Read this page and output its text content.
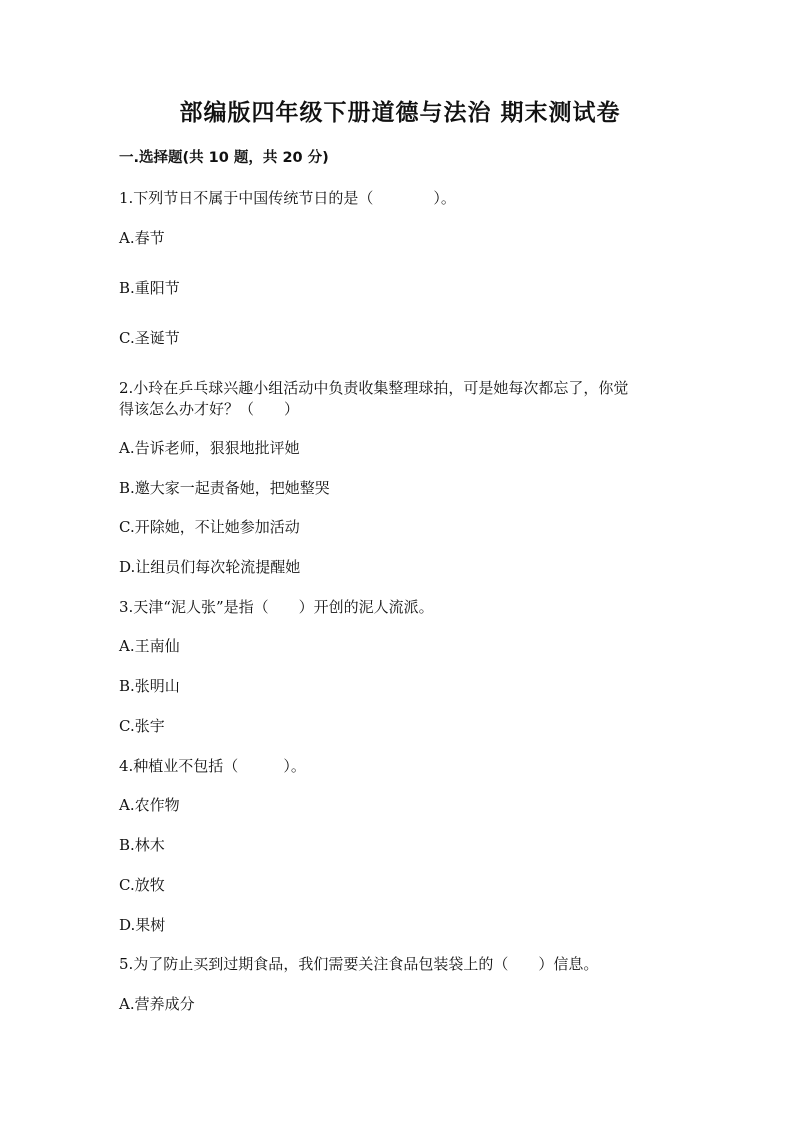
部编版四年级下册道德与法治 期末测试卷
一.选择题(共 10 题，共 20 分)
1.下列节日不属于中国传统节日的是（　　　　）。
A.春节
B.重阳节
C.圣诞节
2.小玲在乒乓球兴趣小组活动中负责收集整理球拍，可是她每次都忘了，你觉
得该怎么办才好？（　　）
A.告诉老师，狠狠地批评她
B.邀大家一起责备她，把她整哭
C.开除她，不让她参加活动
D.让组员们每次轮流提醒她
3.天津“泥人张”是指（　　）开创的泥人流派。
A.王南仙
B.张明山
C.张宇
4.种植业不包括（　　　）。
A.农作物
B.林木
C.放牧
D.果树
5.为了防止买到过期食品，我们需要关注食品包装袋上的（　　）信息。
A.营养成分
